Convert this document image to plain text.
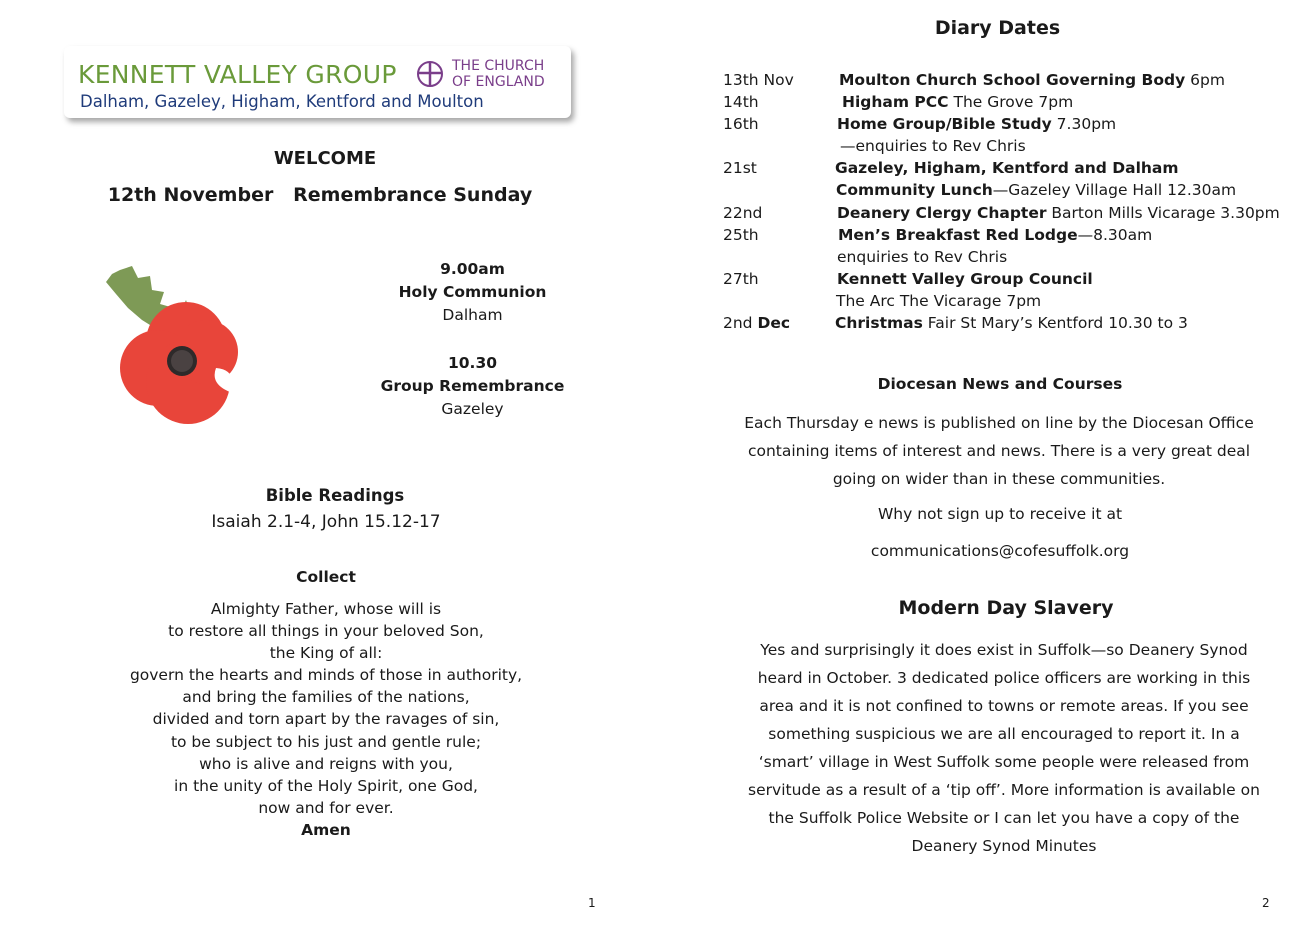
KENNETT VALLEY GROUP	THE CHURCH
OF ENGLAND
Dalham, Gazeley, Higham, Kentford and Moulton
WELCOME
12th November   Remembrance Sunday
9.00am
Holy Communion
Dalham
10.30
Group Remembrance
Gazeley
Bible Readings
Isaiah 2.1-4, John 15.12-17
Collect
Almighty Father, whose will is
to restore all things in your beloved Son,
the King of all:
govern the hearts and minds of those in authority,
and bring the families of the nations,
divided and torn apart by the ravages of sin,
to be subject to his just and gentle rule;
who is alive and reigns with you,
in the unity of the Holy Spirit, one God,
now and for ever.
Amen
1
Diary Dates
13th Nov	Moulton Church School Governing Body 6pm
14th	Higham PCC The Grove 7pm
16th	Home Group/Bible Study 7.30pm
—enquiries to Rev Chris
21st	Gazeley, Higham, Kentford and Dalham
Community Lunch—Gazeley Village Hall 12.30am
22nd	Deanery Clergy Chapter Barton Mills Vicarage 3.30pm
25th	Men’s Breakfast Red Lodge—8.30am
enquiries to Rev Chris
27th	Kennett Valley Group Council
The Arc The Vicarage 7pm
2nd Dec	Christmas Fair St Mary’s Kentford 10.30 to 3
Diocesan News and Courses
Each Thursday e news is published on line by the Diocesan Office containing items of interest and news. There is a very great deal going on wider than in these communities.
Why not sign up to receive it at
communications@cofesuffolk.org
Modern Day Slavery
Yes and surprisingly it does exist in Suffolk—so Deanery Synod heard in October. 3 dedicated police officers are working in this area and it is not confined to towns or remote areas. If you see something suspicious we are all encouraged to report it. In a ‘smart’ village in West Suffolk some people were released from servitude as a result of a ‘tip off’. More information is available on the Suffolk Police Website or I can let you have a copy of the Deanery Synod Minutes
2
